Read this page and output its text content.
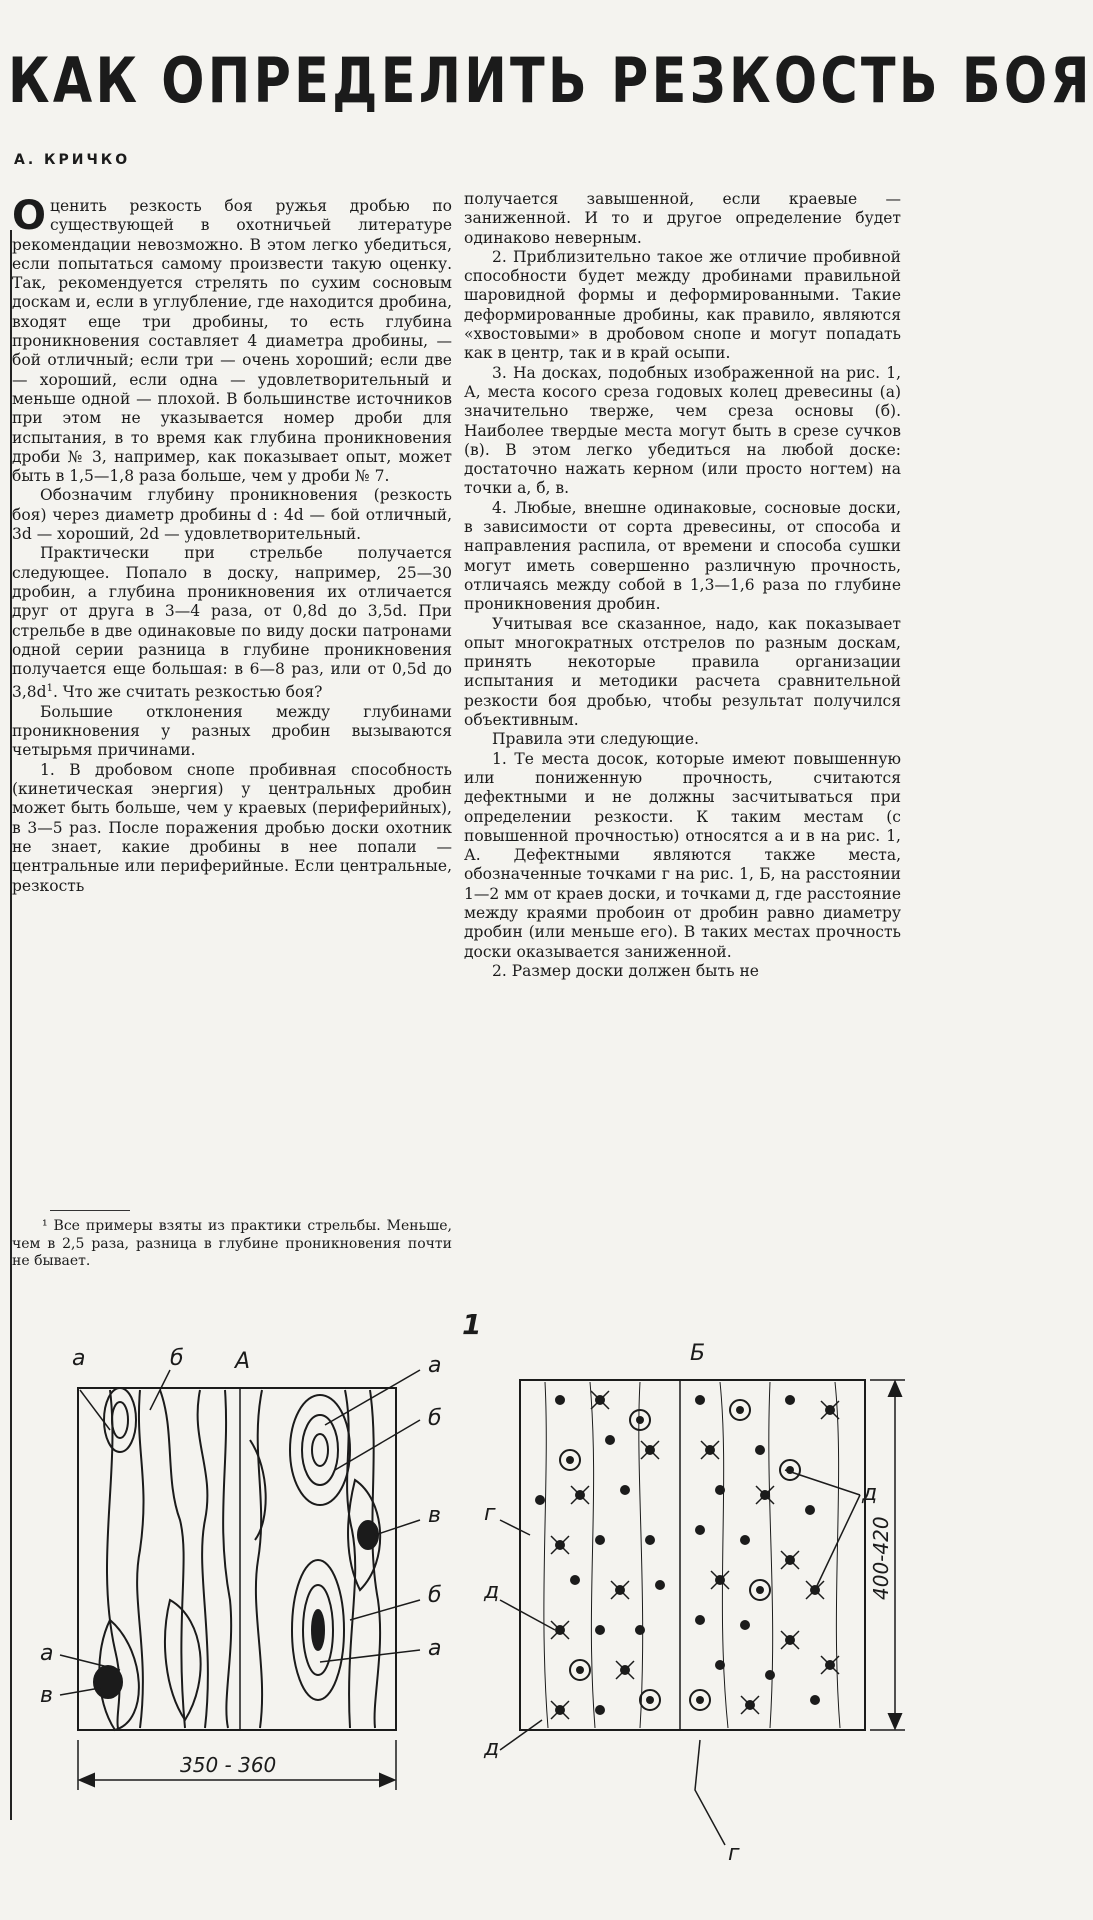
КАК ОПРЕДЕЛИТЬ РЕЗКОСТЬ БОЯ
А. КРИЧКО

Оценить резкость боя ружья дробью по существующей в охотничьей литературе рекомендации невозможно. В этом легко убедиться, если попытаться самому произвести такую оценку. Так, рекомендуется стрелять по сухим сосновым доскам и, если в углубление, где находится дробина, входят еще три дробины, то есть глубина проникновения составляет 4 диаметра дробины, — бой отличный; если три — очень хороший; если две — хороший, если одна — удовлетворительный и меньше одной — плохой. В большинстве источников при этом не указывается номер дроби для испытания, в то время как глубина проникновения дроби № 3, например, как показывает опыт, может быть в 1,5—1,8 раза больше, чем у дроби № 7.

Обозначим глубину проникновения (резкость боя) через диаметр дробины d : 4d — бой отличный, 3d — хороший, 2d — удовлетворительный.

Практически при стрельбе получается следующее. Попало в доску, например, 25—30 дробин, а глубина проникновения их отличается друг от друга в 3—4 раза, от 0,8d до 3,5d. При стрельбе в две одинаковые по виду доски патронами одной серии разница в глубине проникновения получается еще большая: в 6—8 раз, или от 0,5d до $3,8d^1$. Что же считать резкостью боя?

Большие отклонения между глубинами проникновения у разных дробин вызываются четырьмя причинами.

1. В дробовом снопе пробивная способность (кинетическая энергия) у центральных дробин может быть больше, чем у краевых (периферийных), в 3—5 раз. После поражения дробью доски охотник не знает, какие дробины в нее попали — центральные или периферийные. Если центральные, резкость

¹ Все примеры взяты из практики стрельбы. Меньше, чем в 2,5 раза, разница в глубине проникновения почти не бывает.

получается завышенной, если краевые — заниженной. И то и другое определение будет одинаково неверным.

2. Приблизительно такое же отличие пробивной способности будет между дробинами правильной шаровидной формы и деформированными. Такие деформированные дробины, как правило, являются «хвостовыми» в дробовом снопе и могут попадать как в центр, так и в край осыпи.

3. На досках, подобных изображенной на рис. 1, А, места косого среза годовых колец древесины (а) значительно тверже, чем среза основы (б). Наиболее твердые места могут быть в срезе сучков (в). В этом легко убедиться на любой доске: достаточно нажать керном (или просто ногтем) на точки а, б, в.

4. Любые, внешне одинаковые, сосновые доски, в зависимости от сорта древесины, от способа и направления распила, от времени и способа сушки могут иметь совершенно различную прочность, отличаясь между собой в 1,3—1,6 раза по глубине проникновения дробин.

Учитывая все сказанное, надо, как показывает опыт многократных отстрелов по разным доскам, принять некоторые правила организации испытания и методики расчета сравнительной резкости боя дробью, чтобы результат получился объективным.

Правила эти следующие.

1. Те места досок, которые имеют повышенную или пониженную прочность, считаются дефектными и не должны засчитываться при определении резкости. К таким местам (с повышенной прочностью) относятся а и в на рис. 1, А. Дефектными являются также места, обозначенные точками г на рис. 1, Б, на расстоянии 1—2 мм от краев доски, и точками д, где расстояние между краями пробоин от дробин равно диаметру дробин (или меньше его). В таких местах прочность доски оказывается заниженной.

2. Размер доски должен быть не

1
а	б А	а
б
в
б
а
а
в
350 - 360
Б
г
д
д
г
д
400-420
